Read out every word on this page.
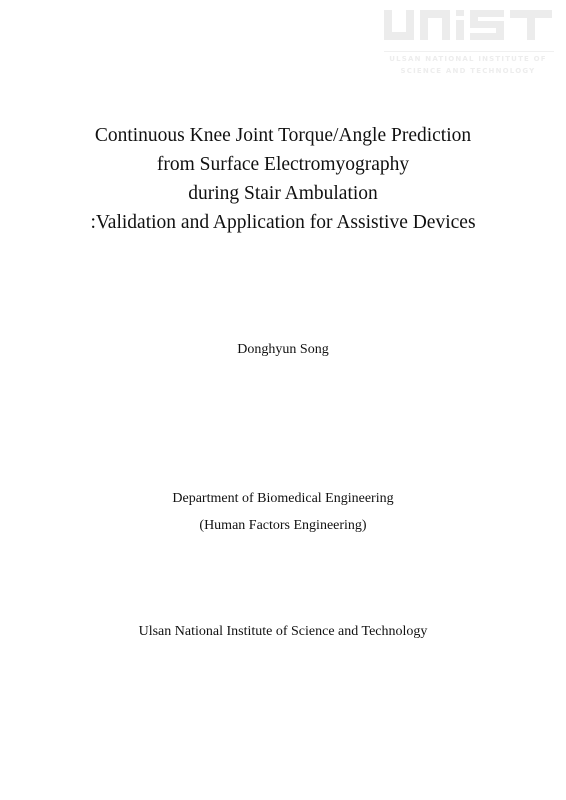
ULSAN NATIONAL INSTITUTE OF
SCIENCE AND TECHNOLOGY

Continuous Knee Joint Torque/Angle Prediction

from Surface Electromyography

during Stair Ambulation

:Validation and Application for Assistive Devices

Donghyun Song

Department of Biomedical Engineering

(Human Factors Engineering)

Ulsan National Institute of Science and Technology
